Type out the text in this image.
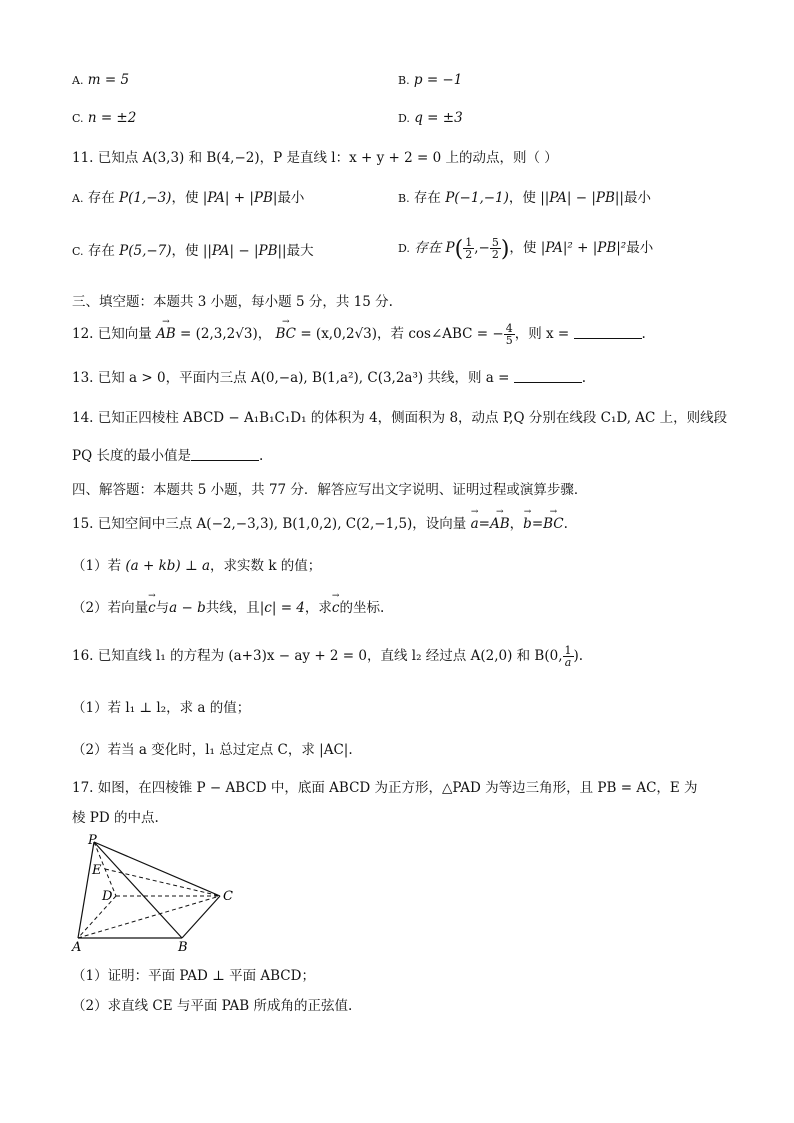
A. m = 5	B. p = −1
C. n = ±2	D. q = ±3
11. 已知点 A(3,3) 和 B(4,−2)，P 是直线 l：x + y + 2 = 0 上的动点，则（ ）
A. 存在 P(1,−3)，使 |PA| + |PB|最小	B. 存在 P(−1,−1)，使 ||PA| − |PB||最小
C. 存在 P(5,−7)，使 ||PA| − |PB||最大	D. 存在 $P( \frac{1}{2}$ ,− $\frac{5}{2}$ )，使 |PA|² + |PB|²最小
三、填空题：本题共 3 小题，每小题 5 分，共 15 分.
12. 已知向量 → AB = (2,3,2√3)， → BC = (x,0,2√3)，若 cos∠ABC = − $\frac{4}{5}$ ，则 x =	.
13. 已知 a > 0，平面内三点 A(0,−a), B(1,a²), C(3,2a³) 共线，则 a =	.
14. 已知正四棱柱 ABCD − A₁B₁C₁D₁ 的体积为 4，侧面积为 8，动点 P,Q 分别在线段 C₁D, AC 上，则线段
PQ 长度的最小值是	.
四、解答题：本题共 5 小题，共 77 分．解答应写出文字说明、证明过程或演算步骤．
15. 已知空间中三点 A(−2,−3,3), B(1,0,2), C(2,−1,5)，设向量 → a=→ AB，→ b=→ BC.
（1）若 (a + kb) ⊥ a，求实数 k 的值；
（2）若向量→ c与a − b共线，且|c| = 4，求→ c的坐标.
16. 已知直线 l₁ 的方程为 (a+3)x − ay + 2 = 0，直线 l₂ 经过点 A(2,0) 和 B(0, $\frac{1}{a}$ ).
（1）若 l₁ ⊥ l₂，求 a 的值；
（2）若当 a 变化时，l₁ 总过定点 C，求 |AC|.
17. 如图，在四棱锥 P − ABCD 中，底面 ABCD 为正方形，△PAD 为等边三角形，且 PB = AC，E 为
棱 PD 的中点.
P
E
D	C
A	B
（1）证明：平面 PAD ⊥ 平面 ABCD；
（2）求直线 CE 与平面 PAB 所成角的正弦值.
